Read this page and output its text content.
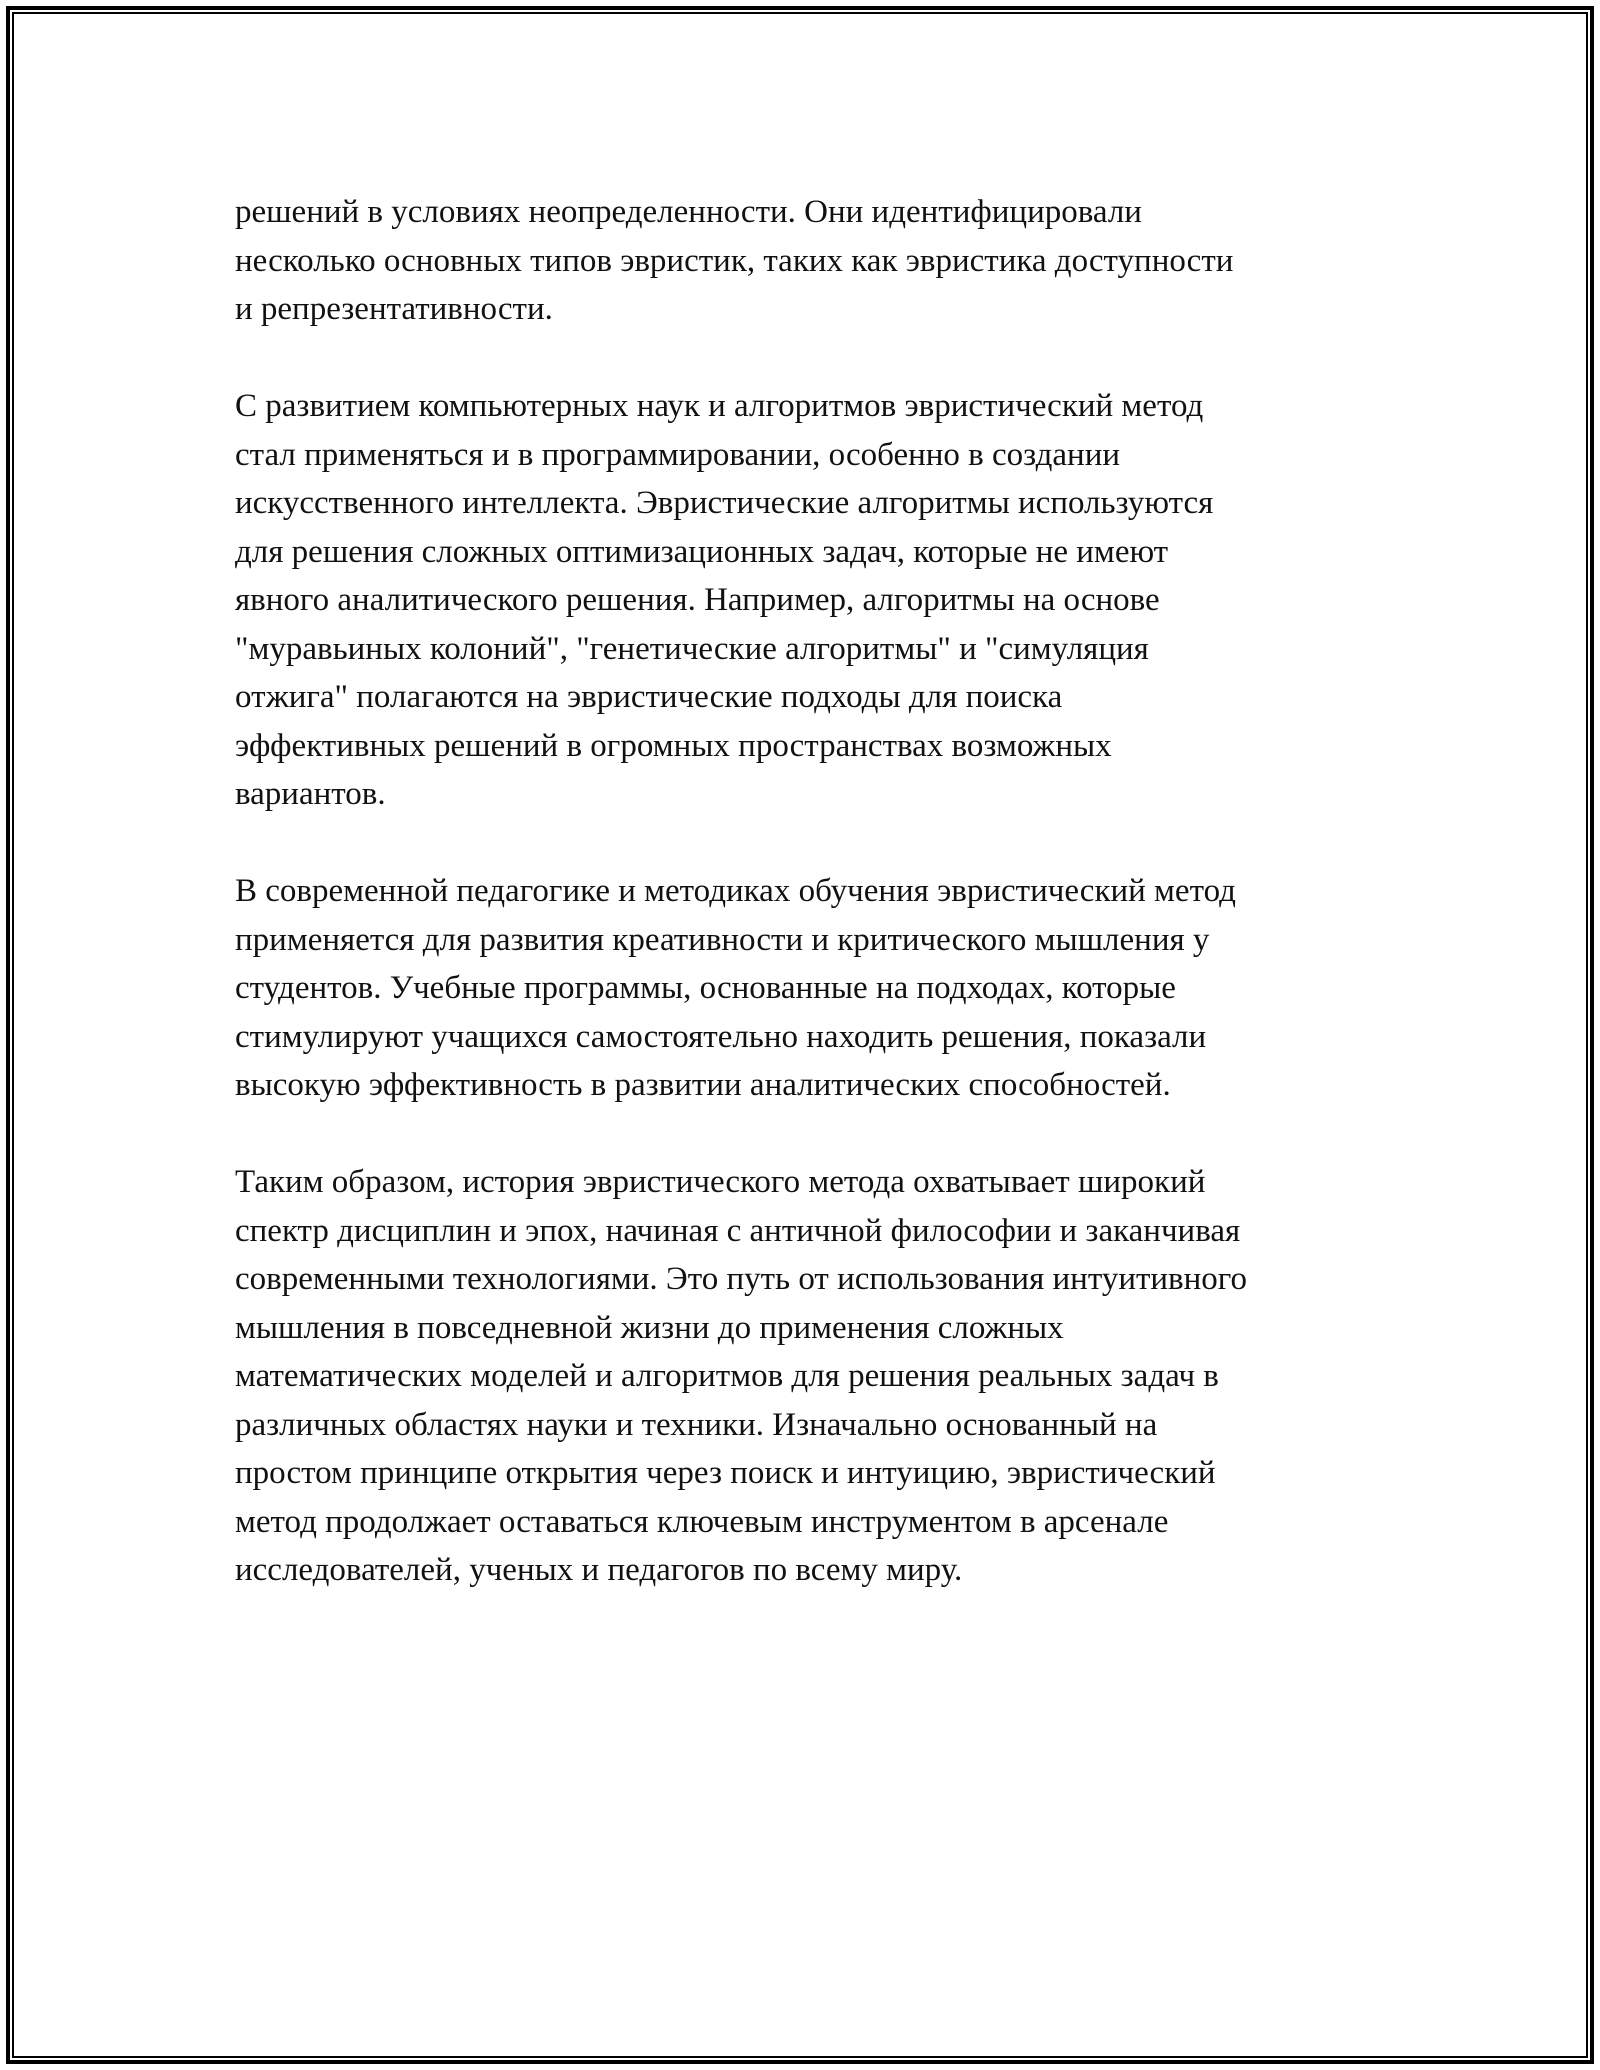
решений в условиях неопределенности. Они идентифицировали
несколько основных типов эвристик, таких как эвристика доступности
и репрезентативности.
С развитием компьютерных наук и алгоритмов эвристический метод
стал применяться и в программировании, особенно в создании
искусственного интеллекта. Эвристические алгоритмы используются
для решения сложных оптимизационных задач, которые не имеют
явного аналитического решения. Например, алгоритмы на основе
"муравьиных колоний", "генетические алгоритмы" и "симуляция
отжига" полагаются на эвристические подходы для поиска
эффективных решений в огромных пространствах возможных
вариантов.
В современной педагогике и методиках обучения эвристический метод
применяется для развития креативности и критического мышления у
студентов. Учебные программы, основанные на подходах, которые
стимулируют учащихся самостоятельно находить решения, показали
высокую эффективность в развитии аналитических способностей.
Таким образом, история эвристического метода охватывает широкий
спектр дисциплин и эпох, начиная с античной философии и заканчивая
современными технологиями. Это путь от использования интуитивного
мышления в повседневной жизни до применения сложных
математических моделей и алгоритмов для решения реальных задач в
различных областях науки и техники. Изначально основанный на
простом принципе открытия через поиск и интуицию, эвристический
метод продолжает оставаться ключевым инструментом в арсенале
исследователей, ученых и педагогов по всему миру.
